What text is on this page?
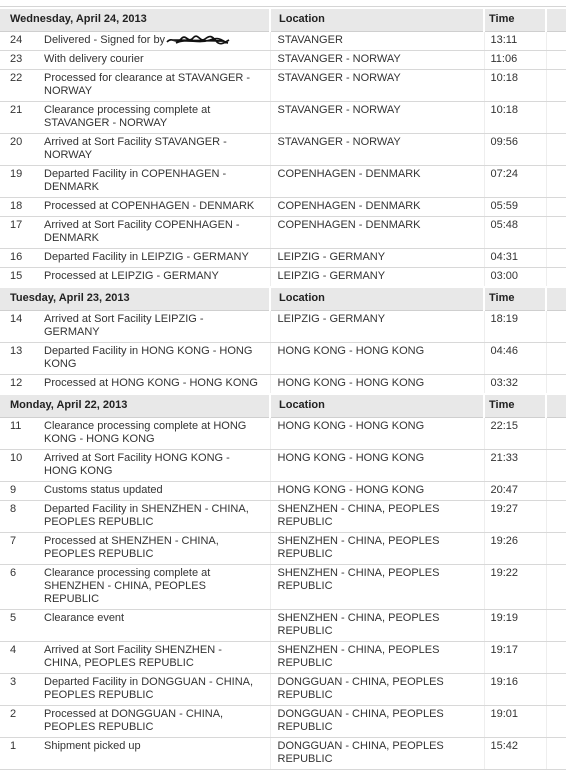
Wednesday, April 24, 2013		Location	Time	
24	Delivered - Signed for by	STAVANGER	13:11	
23	With delivery courier	STAVANGER - NORWAY	11:06	
22	Processed for clearance at STAVANGER - NORWAY	STAVANGER - NORWAY	10:18	
21	Clearance processing complete at STAVANGER - NORWAY	STAVANGER - NORWAY	10:18	
20	Arrived at Sort Facility STAVANGER - NORWAY	STAVANGER - NORWAY	09:56	
19	Departed Facility in COPENHAGEN - DENMARK	COPENHAGEN - DENMARK	07:24	
18	Processed at COPENHAGEN - DENMARK	COPENHAGEN - DENMARK	05:59	
17	Arrived at Sort Facility COPENHAGEN - DENMARK	COPENHAGEN - DENMARK	05:48	
16	Departed Facility in LEIPZIG - GERMANY	LEIPZIG - GERMANY	04:31	
15	Processed at LEIPZIG - GERMANY	LEIPZIG - GERMANY	03:00	
Tuesday, April 23, 2013		Location	Time	
14	Arrived at Sort Facility LEIPZIG - GERMANY	LEIPZIG - GERMANY	18:19	
13	Departed Facility in HONG KONG - HONG KONG	HONG KONG - HONG KONG	04:46	
12	Processed at HONG KONG - HONG KONG	HONG KONG - HONG KONG	03:32	
Monday, April 22, 2013		Location	Time	
11	Clearance processing complete at HONG KONG - HONG KONG	HONG KONG - HONG KONG	22:15	
10	Arrived at Sort Facility HONG KONG - HONG KONG	HONG KONG - HONG KONG	21:33	
9	Customs status updated	HONG KONG - HONG KONG	20:47	
8	Departed Facility in SHENZHEN - CHINA, PEOPLES REPUBLIC	SHENZHEN - CHINA, PEOPLES REPUBLIC	19:27	
7	Processed at SHENZHEN - CHINA, PEOPLES REPUBLIC	SHENZHEN - CHINA, PEOPLES REPUBLIC	19:26	
6	Clearance processing complete at SHENZHEN - CHINA, PEOPLES REPUBLIC	SHENZHEN - CHINA, PEOPLES REPUBLIC	19:22	
5	Clearance event	SHENZHEN - CHINA, PEOPLES REPUBLIC	19:19	
4	Arrived at Sort Facility SHENZHEN - CHINA, PEOPLES REPUBLIC	SHENZHEN - CHINA, PEOPLES REPUBLIC	19:17	
3	Departed Facility in DONGGUAN - CHINA, PEOPLES REPUBLIC	DONGGUAN - CHINA, PEOPLES REPUBLIC	19:16	
2	Processed at DONGGUAN - CHINA, PEOPLES REPUBLIC	DONGGUAN - CHINA, PEOPLES REPUBLIC	19:01	
1	Shipment picked up	DONGGUAN - CHINA, PEOPLES REPUBLIC	15:42	
